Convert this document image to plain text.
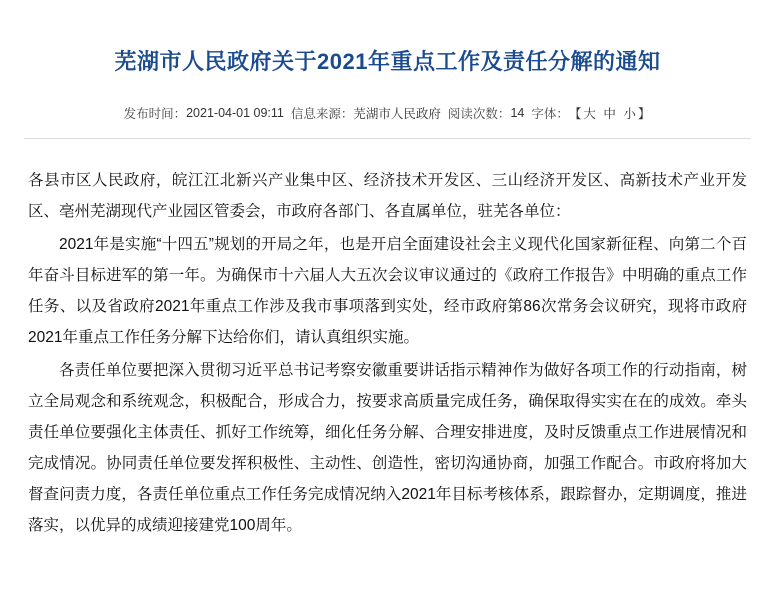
芜湖市人民政府关于2021年重点工作及责任分解的通知
发布时间：2021-04-01 09:11 信息来源：芜湖市人民政府 阅读次数：14 字体：【大 中 小】

各县市区人民政府，皖江江北新兴产业集中区、经济技术开发区、三山经济开发区、高新技术产业开发区、亳州芜湖现代产业园区管委会，市政府各部门、各直属单位，驻芜各单位：

2021年是实施“十四五”规划的开局之年，也是开启全面建设社会主义现代化国家新征程、向第二个百年奋斗目标进军的第一年。为确保市十六届人大五次会议审议通过的《政府工作报告》中明确的重点工作任务、以及省政府2021年重点工作涉及我市事项落到实处，经市政府第86次常务会议研究，现将市政府2021年重点工作任务分解下达给你们，请认真组织实施。

各责任单位要把深入贯彻习近平总书记考察安徽重要讲话指示精神作为做好各项工作的行动指南，树立全局观念和系统观念，积极配合，形成合力，按要求高质量完成任务，确保取得实实在在的成效。牵头责任单位要强化主体责任、抓好工作统筹，细化任务分解、合理安排进度，及时反馈重点工作进展情况和完成情况。协同责任单位要发挥积极性、主动性、创造性，密切沟通协商，加强工作配合。市政府将加大督查问责力度，各责任单位重点工作任务完成情况纳入2021年目标考核体系，跟踪督办，定期调度，推进落实，以优异的成绩迎接建党100周年。
